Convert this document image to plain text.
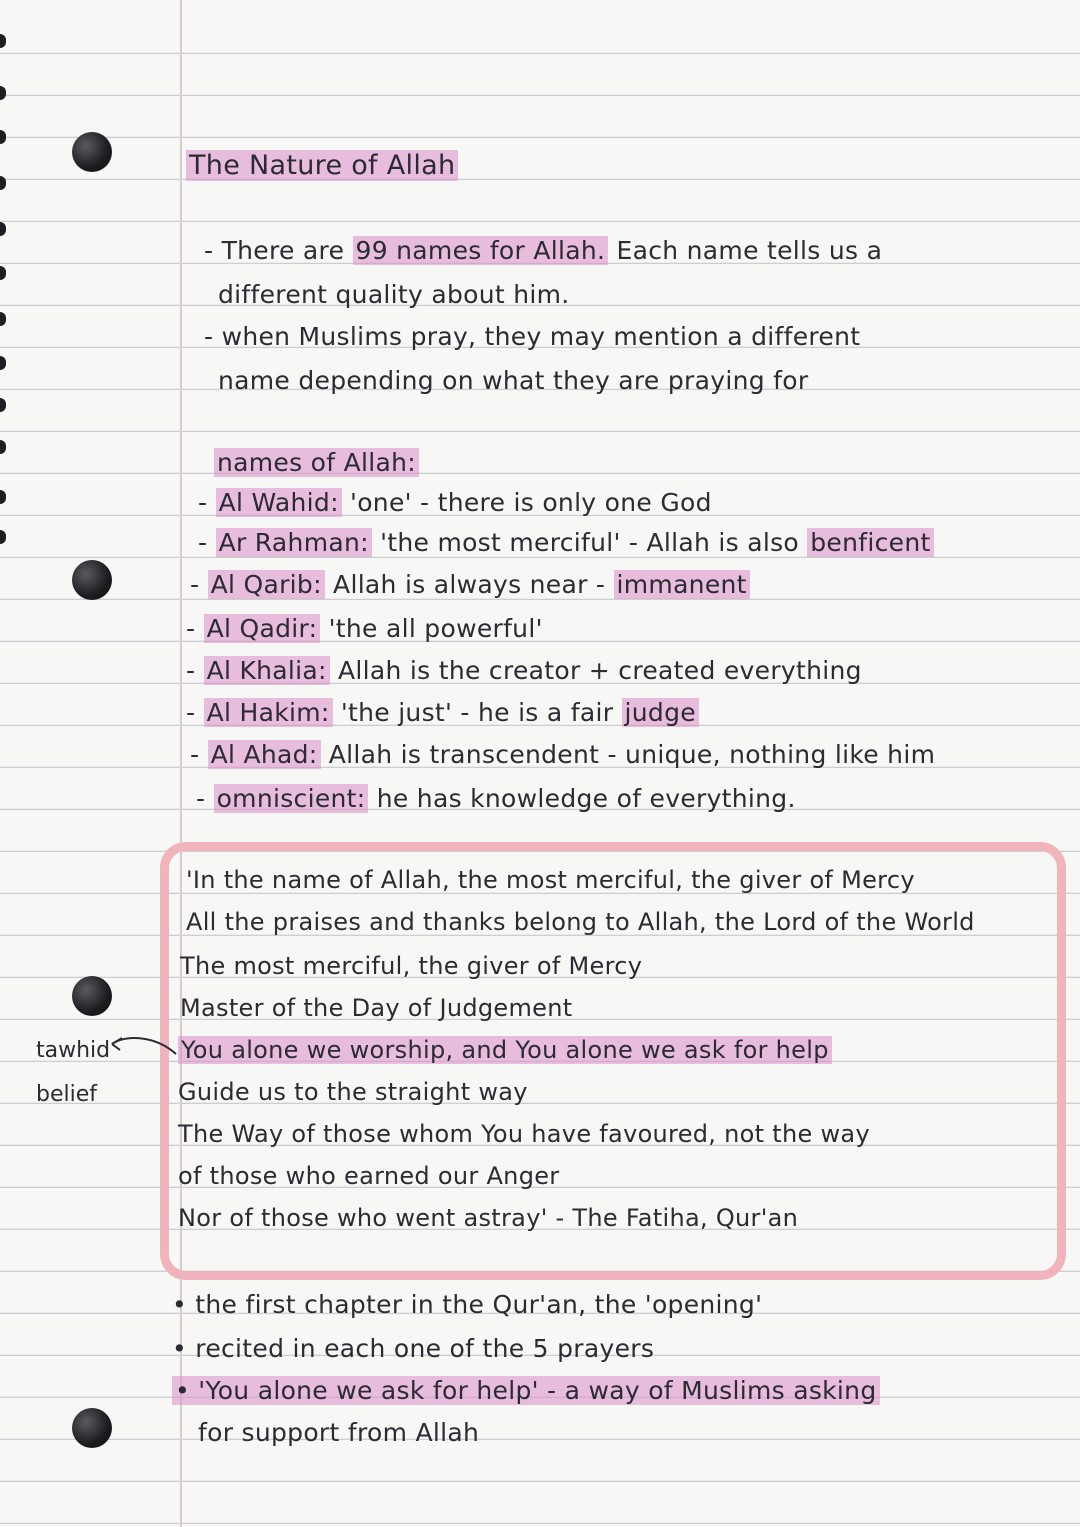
The Nature of Allah
- There are 99 names for Allah. Each name tells us a
different quality about him.
- when Muslims pray, they may mention a different
name depending on what they are praying for
names of Allah:
- Al Wahid: 'one' - there is only one God
- Ar Rahman: 'the most merciful' - Allah is also benficent
- Al Qarib: Allah is always near - immanent
- Al Qadir: 'the all powerful'
- Al Khalia: Allah is the creator + created everything
- Al Hakim: 'the just' - he is a fair judge
- Al Ahad: Allah is transcendent - unique, nothing like him
- omniscient: he has knowledge of everything.
'In the name of Allah, the most merciful, the giver of Mercy
All the praises and thanks belong to Allah, the Lord of the World
The most merciful, the giver of Mercy
Master of the Day of Judgement
You alone we worship, and You alone we ask for help
Guide us to the straight way
The Way of those whom You have favoured, not the way
of those who earned our Anger
Nor of those who went astray' - The Fatiha, Qur'an
tawhid
belief
• the first chapter in the Qur'an, the 'opening'
• recited in each one of the 5 prayers
• 'You alone we ask for help' - a way of Muslims asking
for support from Allah
